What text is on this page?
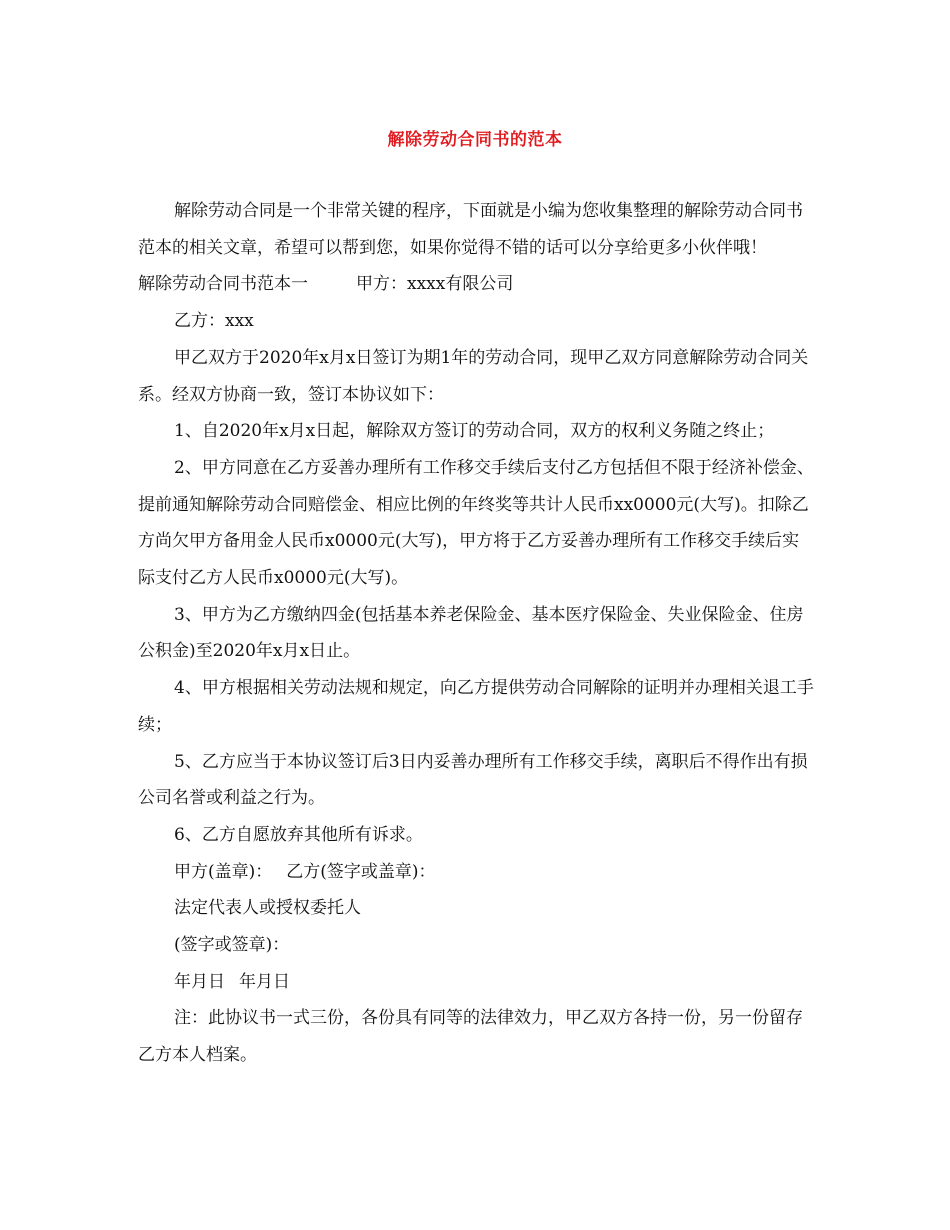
解除劳动合同书的范本

解除劳动合同是一个非常关键的程序，下面就是小编为您收集整理的解除劳动合同书范本的相关文章，希望可以帮到您，如果你觉得不错的话可以分享给更多小伙伴哦！

解除劳动合同书范本一	甲方：xxxx有限公司

乙方：xxx

甲乙双方于2020年x月x日签订为期1年的劳动合同，现甲乙双方同意解除劳动合同关系。经双方协商一致，签订本协议如下：

1、自2020年x月x日起，解除双方签订的劳动合同，双方的权利义务随之终止；

2、甲方同意在乙方妥善办理所有工作移交手续后支付乙方包括但不限于经济补偿金、提前通知解除劳动合同赔偿金、相应比例的年终奖等共计人民币xx0000元(大写)。扣除乙方尚欠甲方备用金人民币x0000元(大写)，甲方将于乙方妥善办理所有工作移交手续后实际支付乙方人民币x0000元(大写)。

3、甲方为乙方缴纳四金(包括基本养老保险金、基本医疗保险金、失业保险金、住房公积金)至2020年x月x日止。

4、甲方根据相关劳动法规和规定，向乙方提供劳动合同解除的证明并办理相关退工手续；

5、乙方应当于本协议签订后3日内妥善办理所有工作移交手续，离职后不得作出有损公司名誉或利益之行为。

6、乙方自愿放弃其他所有诉求。

甲方(盖章)： 乙方(签字或盖章)：

法定代表人或授权委托人

(签字或签章)：

年月日 年月日

注：此协议书一式三份，各份具有同等的法律效力，甲乙双方各持一份，另一份留存乙方本人档案。
